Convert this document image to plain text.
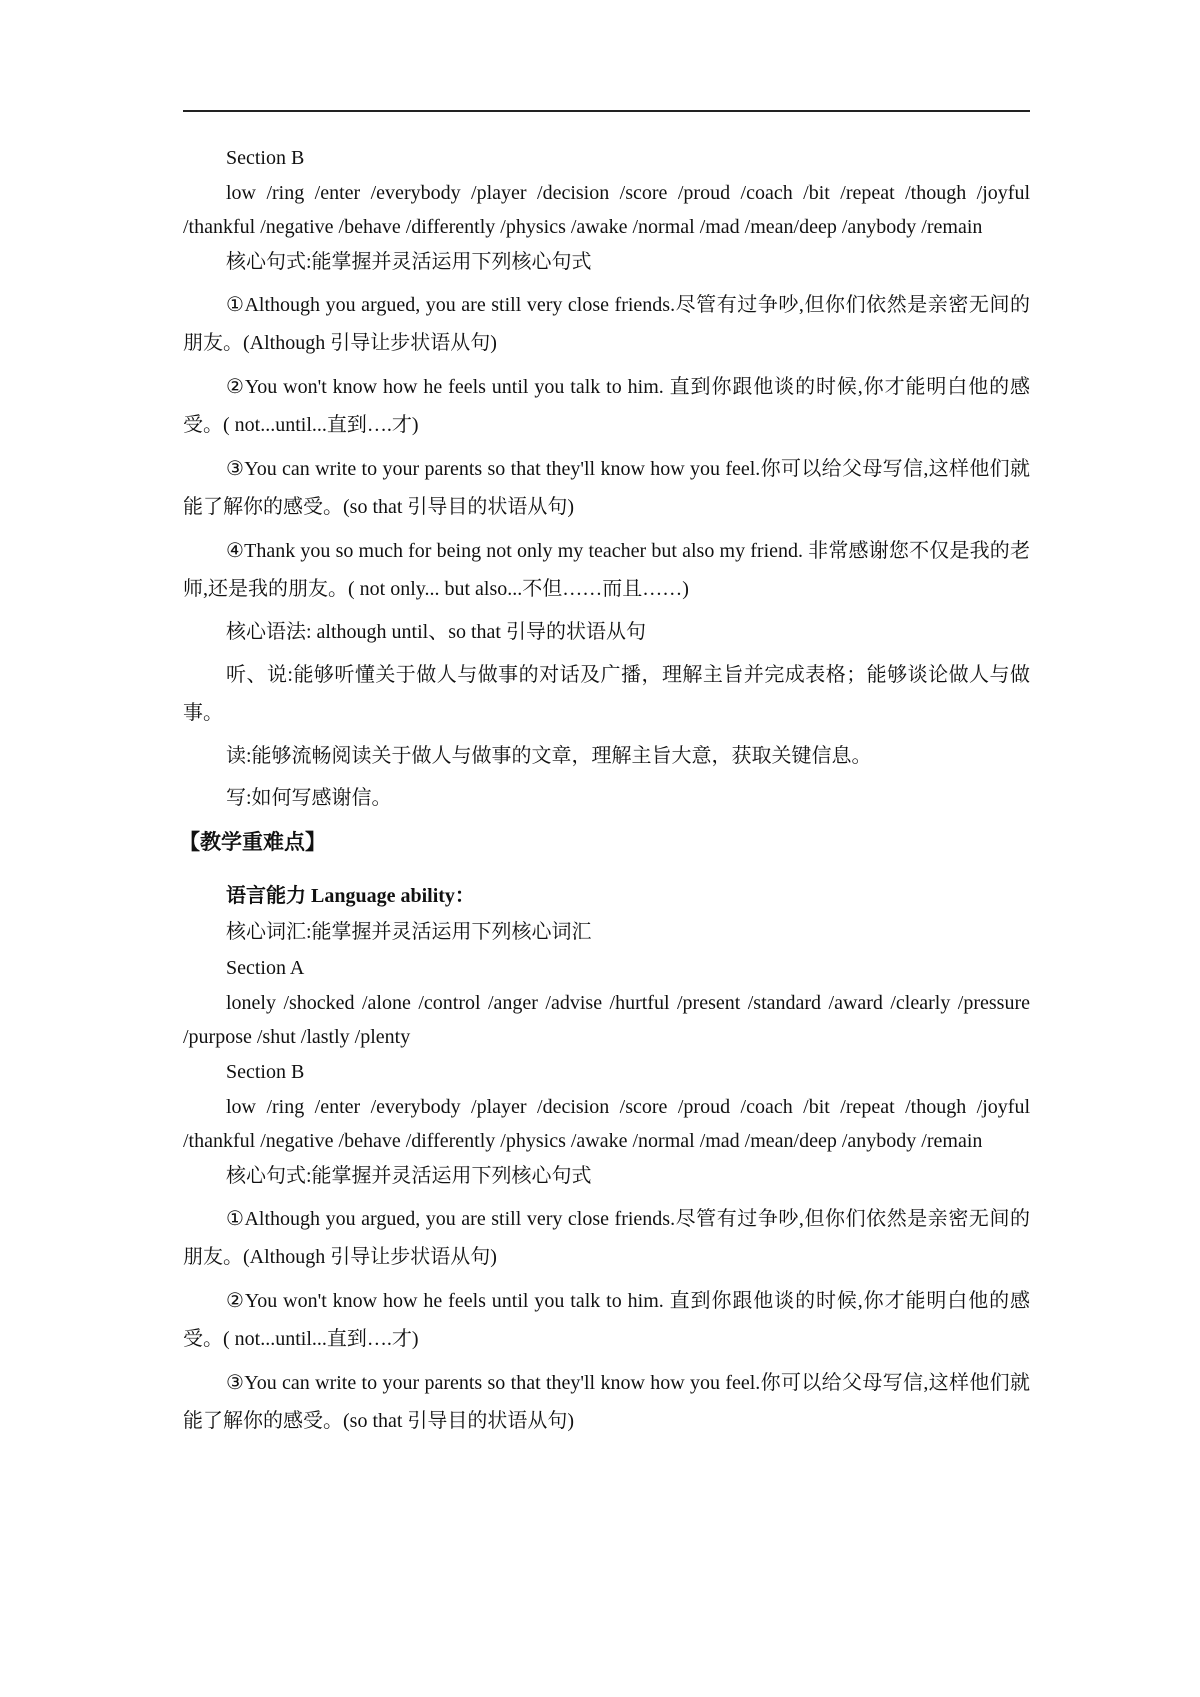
Section B

low /ring /enter /everybody /player /decision /score /proud /coach /bit /repeat /though /joyful /thankful /negative /behave /differently /physics /awake /normal /mad /mean/deep /anybody /remain

核心句式:能掌握并灵活运用下列核心句式

①Although you argued, you are still very close friends.尽管有过争吵,但你们依然是亲密无间的朋友。(Although 引导让步状语从句)

②You won't know how he feels until you talk to him. 直到你跟他谈的时候,你才能明白他的感受。( not...until...直到….才)

③You can write to your parents so that they'll know how you feel.你可以给父母写信,这样他们就能了解你的感受。(so that 引导目的状语从句)

④Thank you so much for being not only my teacher but also my friend. 非常感谢您不仅是我的老师,还是我的朋友。( not only... but also...不但……而且……)

核心语法: although until、so that 引导的状语从句

听、说:能够听懂关于做人与做事的对话及广播，理解主旨并完成表格；能够谈论做人与做事。

读:能够流畅阅读关于做人与做事的文章，理解主旨大意，获取关键信息。

写:如何写感谢信。

【教学重难点】

语言能力 Language ability：

核心词汇:能掌握并灵活运用下列核心词汇

Section A

lonely /shocked /alone /control /anger /advise /hurtful /present /standard /award /clearly /pressure /purpose /shut /lastly /plenty

Section B

low /ring /enter /everybody /player /decision /score /proud /coach /bit /repeat /though /joyful /thankful /negative /behave /differently /physics /awake /normal /mad /mean/deep /anybody /remain

核心句式:能掌握并灵活运用下列核心句式

①Although you argued, you are still very close friends.尽管有过争吵,但你们依然是亲密无间的朋友。(Although 引导让步状语从句)

②You won't know how he feels until you talk to him. 直到你跟他谈的时候,你才能明白他的感受。( not...until...直到….才)

③You can write to your parents so that they'll know how you feel.你可以给父母写信,这样他们就能了解你的感受。(so that 引导目的状语从句)
